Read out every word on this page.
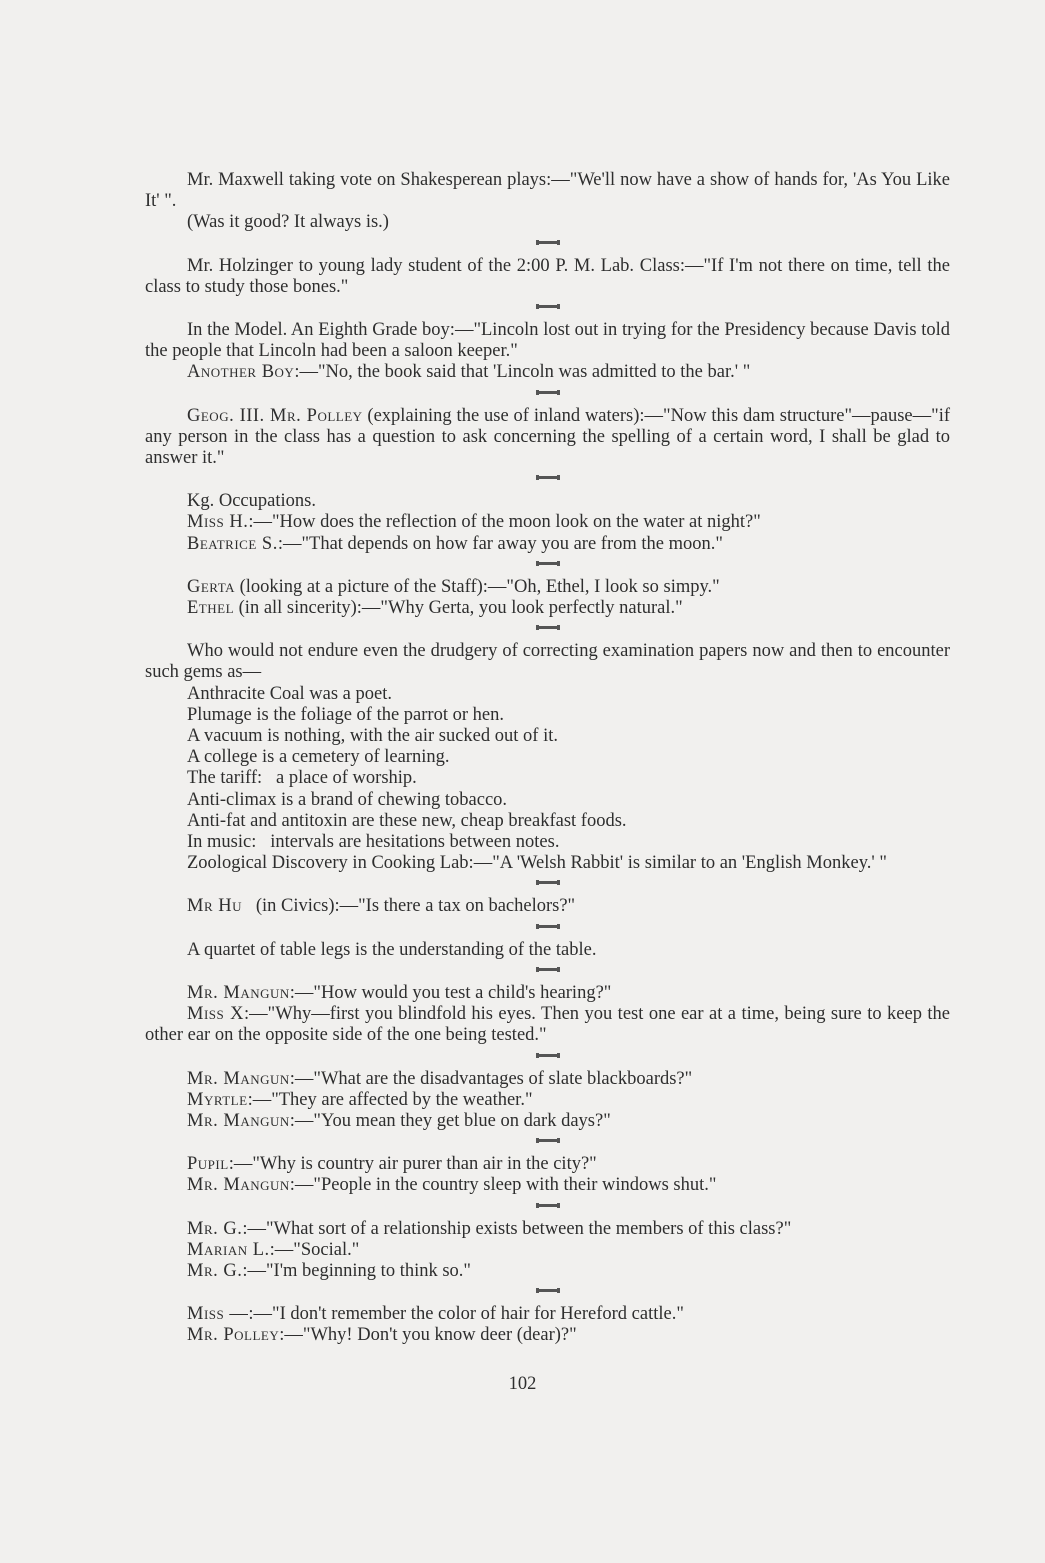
Mr. Maxwell taking vote on Shakesperean plays:—"We'll now have a show of hands for, 'As You Like It' ".

(Was it good? It always is.)

Mr. Holzinger to young lady student of the 2:00 P. M. Lab. Class:—"If I'm not there on time, tell the class to study those bones."

In the Model. An Eighth Grade boy:—"Lincoln lost out in trying for the Presidency because Davis told the people that Lincoln had been a saloon keeper."

Another Boy:—"No, the book said that 'Lincoln was admitted to the bar.' "

Geog. III. Mr. Polley (explaining the use of inland waters):—"Now this dam structure"—pause—"if any person in the class has a question to ask concerning the spelling of a certain word, I shall be glad to answer it."

Kg. Occupations.

Miss H.:—"How does the reflection of the moon look on the water at night?"

Beatrice S.:—"That depends on how far away you are from the moon."

Gerta (looking at a picture of the Staff):—"Oh, Ethel, I look so simpy."

Ethel (in all sincerity):—"Why Gerta, you look perfectly natural."

Who would not endure even the drudgery of correcting examination papers now and then to encounter such gems as—

Anthracite Coal was a poet.

Plumage is the foliage of the parrot or hen.

A vacuum is nothing, with the air sucked out of it.

A college is a cemetery of learning.

The tariff:   a place of worship.

Anti-climax is a brand of chewing tobacco.

Anti-fat and antitoxin are these new, cheap breakfast foods.

In music:   intervals are hesitations between notes.

Zoological Discovery in Cooking Lab:—"A 'Welsh Rabbit' is similar to an 'English Monkey.' "

Mr Hu   (in Civics):—"Is there a tax on bachelors?"

A quartet of table legs is the understanding of the table.

Mr. Mangun:—"How would you test a child's hearing?"

Miss X:—"Why—first you blindfold his eyes. Then you test one ear at a time, being sure to keep the other ear on the opposite side of the one being tested."

Mr. Mangun:—"What are the disadvantages of slate blackboards?"

Myrtle:—"They are affected by the weather."

Mr. Mangun:—"You mean they get blue on dark days?"

Pupil:—"Why is country air purer than air in the city?"

Mr. Mangun:—"People in the country sleep with their windows shut."

Mr. G.:—"What sort of a relationship exists between the members of this class?"

Marian L.:—"Social."

Mr. G.:—"I'm beginning to think so."

Miss —:—"I don't remember the color of hair for Hereford cattle."

Mr. Polley:—"Why! Don't you know deer (dear)?"

102
